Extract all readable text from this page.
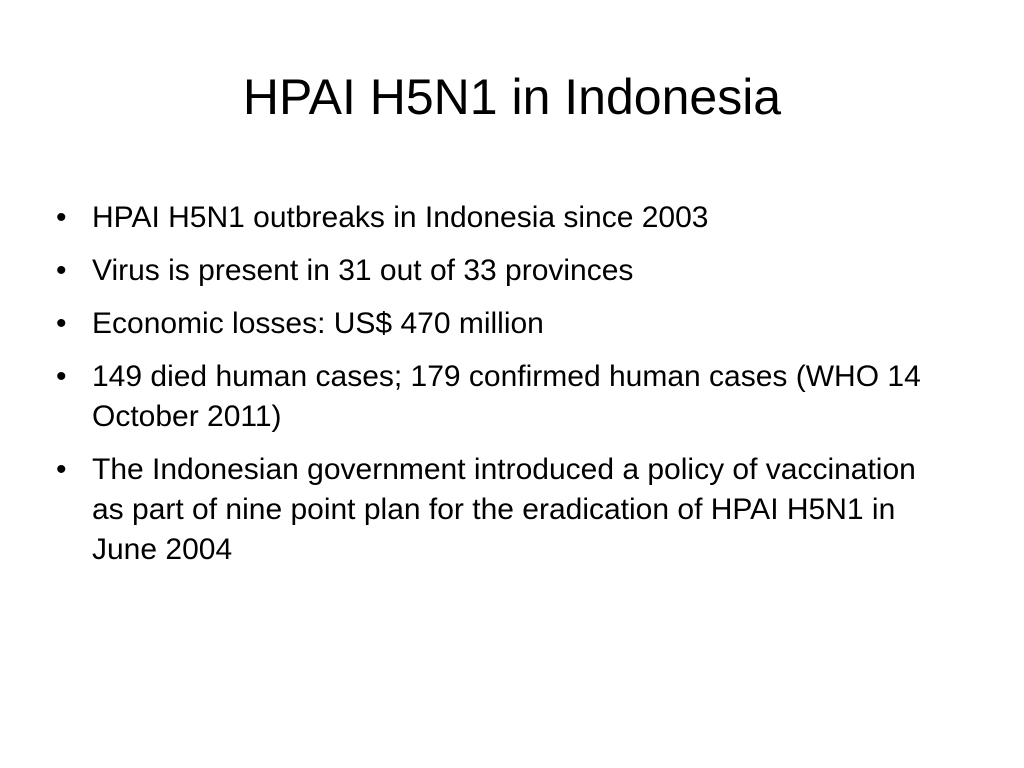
HPAI H5N1 in Indonesia
• HPAI H5N1 outbreaks in Indonesia since 2003
• Virus is present in 31 out of 33 provinces
• Economic losses: US$ 470 million
• 149 died human cases; 179 confirmed human cases (WHO 14 October 2011)
• The Indonesian government introduced a policy of vaccination as part of nine point plan for the eradication of HPAI H5N1 in June 2004
